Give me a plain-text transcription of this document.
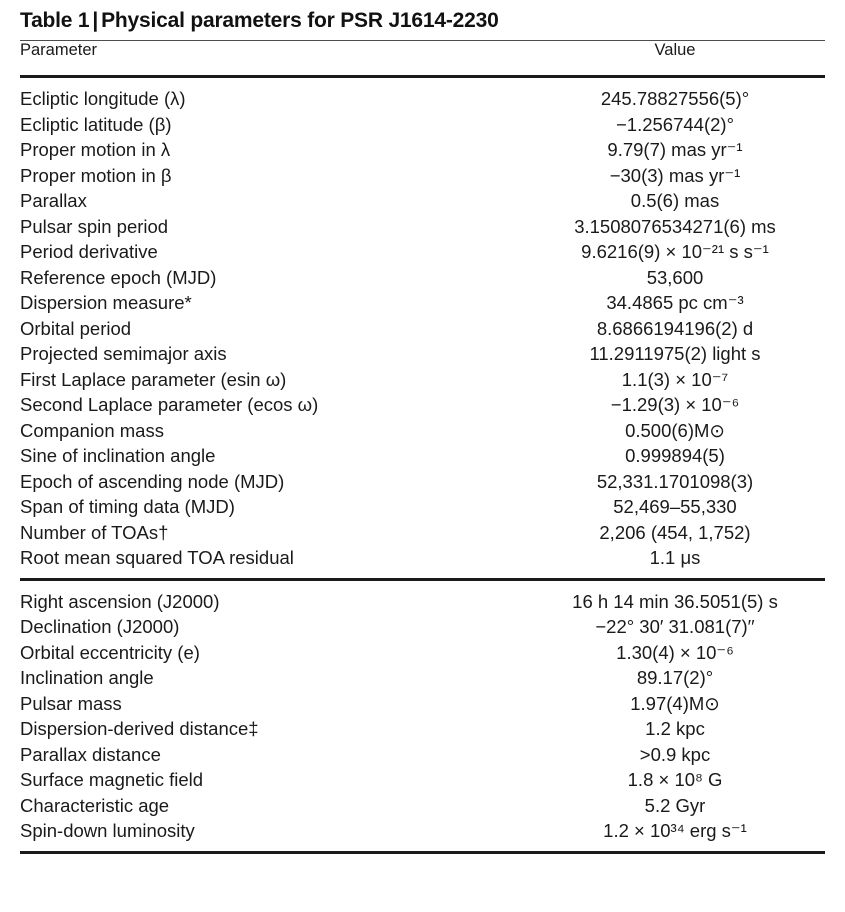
Table 1 | Physical parameters for PSR J1614-2230
Parameter	Value

Ecliptic longitude (λ)	245.78827556(5)°
Ecliptic latitude (β)	−1.256744(2)°
Proper motion in λ	9.79(7) mas yr⁻¹
Proper motion in β	−30(3) mas yr⁻¹
Parallax	0.5(6) mas
Pulsar spin period	3.1508076534271(6) ms
Period derivative	9.6216(9) × 10⁻²¹ s s⁻¹
Reference epoch (MJD)	53,600
Dispersion measure*	34.4865 pc cm⁻³
Orbital period	8.6866194196(2) d
Projected semimajor axis	11.2911975(2) light s
First Laplace parameter (esin ω)	1.1(3) × 10⁻⁷
Second Laplace parameter (ecos ω)	−1.29(3) × 10⁻⁶
Companion mass	0.500(6)M⊙
Sine of inclination angle	0.999894(5)
Epoch of ascending node (MJD)	52,331.1701098(3)
Span of timing data (MJD)	52,469–55,330
Number of TOAs†	2,206 (454, 1,752)
Root mean squared TOA residual	1.1 μs

Right ascension (J2000)	16 h 14 min 36.5051(5) s
Declination (J2000)	−22° 30′ 31.081(7)′′
Orbital eccentricity (e)	1.30(4) × 10⁻⁶
Inclination angle	89.17(2)°
Pulsar mass	1.97(4)M⊙
Dispersion-derived distance‡	1.2 kpc
Parallax distance	>0.9 kpc
Surface magnetic field	1.8 × 10⁸ G
Characteristic age	5.2 Gyr
Spin-down luminosity	1.2 × 10³⁴ erg s⁻¹
